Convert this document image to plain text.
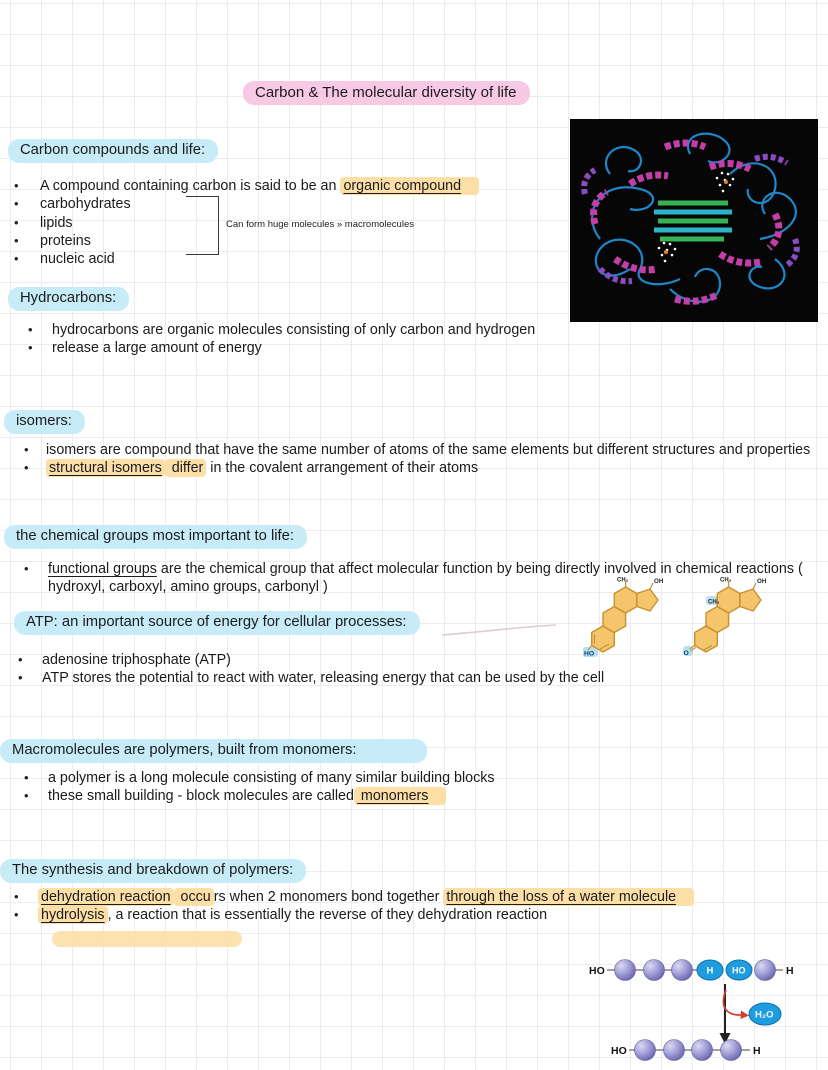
Carbon & The molecular diversity of life
Carbon compounds and life:
• A compound containing carbon is said to be an organic compound
• carbohydrates
• lipids
• proteins
• nucleic acid
Can form huge molecules » macromolecules
Hydrocarbons:
• hydrocarbons are organic molecules consisting of only carbon and hydrogen
• release a large amount of energy
isomers:
• isomers are compound that have the same number of atoms of the same elements but different structures and properties
• structural isomers differ in the covalent arrangement of their atoms
the chemical groups most important to life:
• functional groups are the chemical group that affect molecular function by being directly involved in chemical reactions ( hydroxyl, carboxyl, amino groups, carbonyl )
ATP: an important source of energy for cellular processes:
• adenosine triphosphate (ATP)
• ATP stores the potential to react with water, releasing energy that can be used by the cell
HO
CH₃	OH
O
CH₃
CH₃	OH
Macromolecules are polymers, built from monomers:
• a polymer is a long molecule consisting of many similar building blocks
• these small building - block molecules are called monomers
The synthesis and breakdown of polymers:
• dehydration reaction occu rs when 2 monomers bond together through the loss of a water molecule
• hydrolysis , a reaction that is essentially the reverse of they dehydration reaction
HO	H HO	H
H₂O
HO	H
